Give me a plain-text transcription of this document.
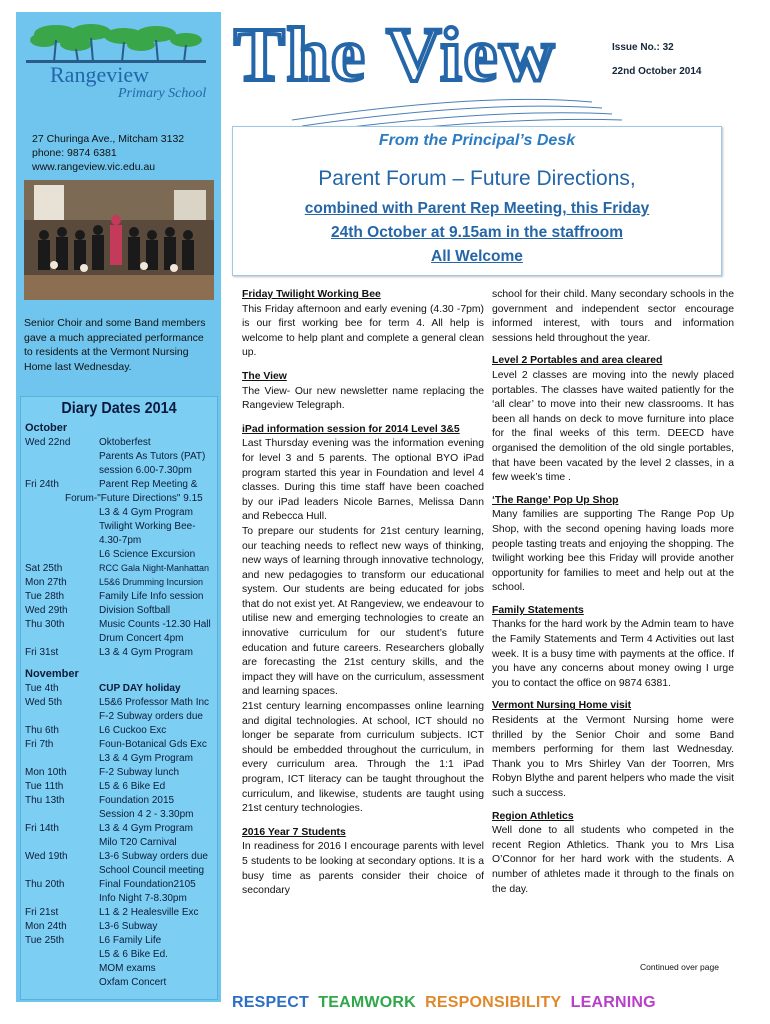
Rangeview
Primary School
27 Churinga Ave., Mitcham 3132
phone: 9874 6381
www.rangeview.vic.edu.au
Senior Choir and some Band members gave a much appreciated performance to residents at the Vermont Nursing Home last Wednesday.
Diary Dates 2014
October
November
Wed 22nd	Oktoberfest
Parents As Tutors (PAT)
session 6.00-7.30pm
Fri 24th	Parent Rep Meeting &
Forum-"Future Directions" 9.15
L3 & 4 Gym Program
Twilight Working Bee-
4.30-7pm
L6 Science Excursion
Sat 25th	RCC Gala Night-Manhattan
Mon 27th	L5&6 Drumming Incursion
Tue 28th	Family Life Info session
Wed 29th	Division Softball
Thu 30th	Music Counts -12.30 Hall
Drum Concert 4pm
Fri 31st	L3 & 4 Gym Program
Tue 4th	CUP DAY holiday
Wed 5th	L5&6 Professor Math Inc
F-2 Subway orders due
Thu 6th	L6 Cuckoo Exc
Fri 7th	Foun-Botanical Gds Exc
L3 & 4 Gym Program
Mon 10th	F-2 Subway lunch
Tue 11th	L5 & 6 Bike Ed
Thu 13th	Foundation 2015
Session 4 2 - 3.30pm
Fri 14th	L3 & 4 Gym Program
Milo T20 Carnival
Wed 19th	L3-6 Subway orders due
School Council meeting
Thu 20th	Final Foundation2105
Info Night 7-8.30pm
Fri 21st	L1 & 2 Healesville Exc
Mon 24th	L3-6 Subway
Tue 25th	L6 Family Life
L5 & 6 Bike Ed.
MOM exams
Oxfam Concert
The View	Issue No.: 32
22nd October 2014
From the Principal’s Desk
Parent Forum – Future Directions,
combined with Parent Rep Meeting, this Friday
24th October at 9.15am in the staffroom
All Welcome
Friday Twilight Working Bee

This Friday afternoon and early evening (4.30 -7pm) is our first working bee for term 4. All help is welcome to help plant and complete a general clean up.

The View

The View- Our new newsletter name replacing the Rangeview Telegraph.

iPad information session for 2014 Level 3&5

Last Thursday evening was the information evening for level 3 and 5 parents. The optional BYO iPad program started this year in Foundation and level 4 classes. During this time staff have been coached by our iPad leaders Nicole Barnes, Melissa Dann and Rebecca Hull.

To prepare our students for 21st century learning, our teaching needs to reflect new ways of thinking, new ways of learning through innovative technology, and new pedagogies to transform our educational system. Our students are being educated for jobs that do not exist yet. At Rangeview, we endeavour to utilise new and emerging technologies to create an innovative curriculum for our student’s future education and future careers. Researchers globally are forecasting the 21st century skills, and the impact they will have on the curriculum, assessment and learning spaces.

21st century learning encompasses online learning and digital technologies. At school, ICT should no longer be separate from curriculum subjects. ICT should be embedded throughout the curriculum, in every curriculum area. Through the 1:1 iPad program, ICT literacy can be taught throughout the curriculum, and likewise, students are taught using 21st century technologies.

2016 Year 7 Students

In readiness for 2016 I encourage parents with level 5 students to be looking at secondary options. It is a busy time as parents consider their choice of secondary

school for their child. Many secondary schools in the government and independent sector encourage informed interest, with tours and information sessions held throughout the year.

Level 2 Portables and area cleared

Level 2 classes are moving into the newly placed portables. The classes have waited patiently for the ‘all clear’ to move into their new classrooms. It has been all hands on deck to move furniture into place for the final weeks of this term. DEECD have organised the demolition of the old single portables, that have been vacated by the level 2 classes, in a few week’s time .

‘The Range’ Pop Up Shop

Many families are supporting The Range Pop Up Shop, with the second opening having loads more people tasting treats and enjoying the shopping. The twilight working bee this Friday will provide another opportunity for families to meet and help out at the school.

Family Statements

Thanks for the hard work by the Admin team to have the Family Statements and Term 4 Activities out last week. It is a busy time with payments at the office. If you have any concerns about money owing I urge you to contact the office on 9874 6381.

Vermont Nursing Home visit

Residents at the Vermont Nursing home were thrilled by the Senior Choir and some Band members performing for them last Wednesday. Thank you to Mrs Shirley Van der Toorren, Mrs Robyn Blythe and parent helpers who made the visit such a success.

Region Athletics

Well done to all students who competed in the recent Region Athletics. Thank you to Mrs Lisa O’Connor for her hard work with the students. A number of athletes made it through to the finals on the day.

Continued over page
RESPECT TEAMWORK RESPONSIBILITY LEARNING
